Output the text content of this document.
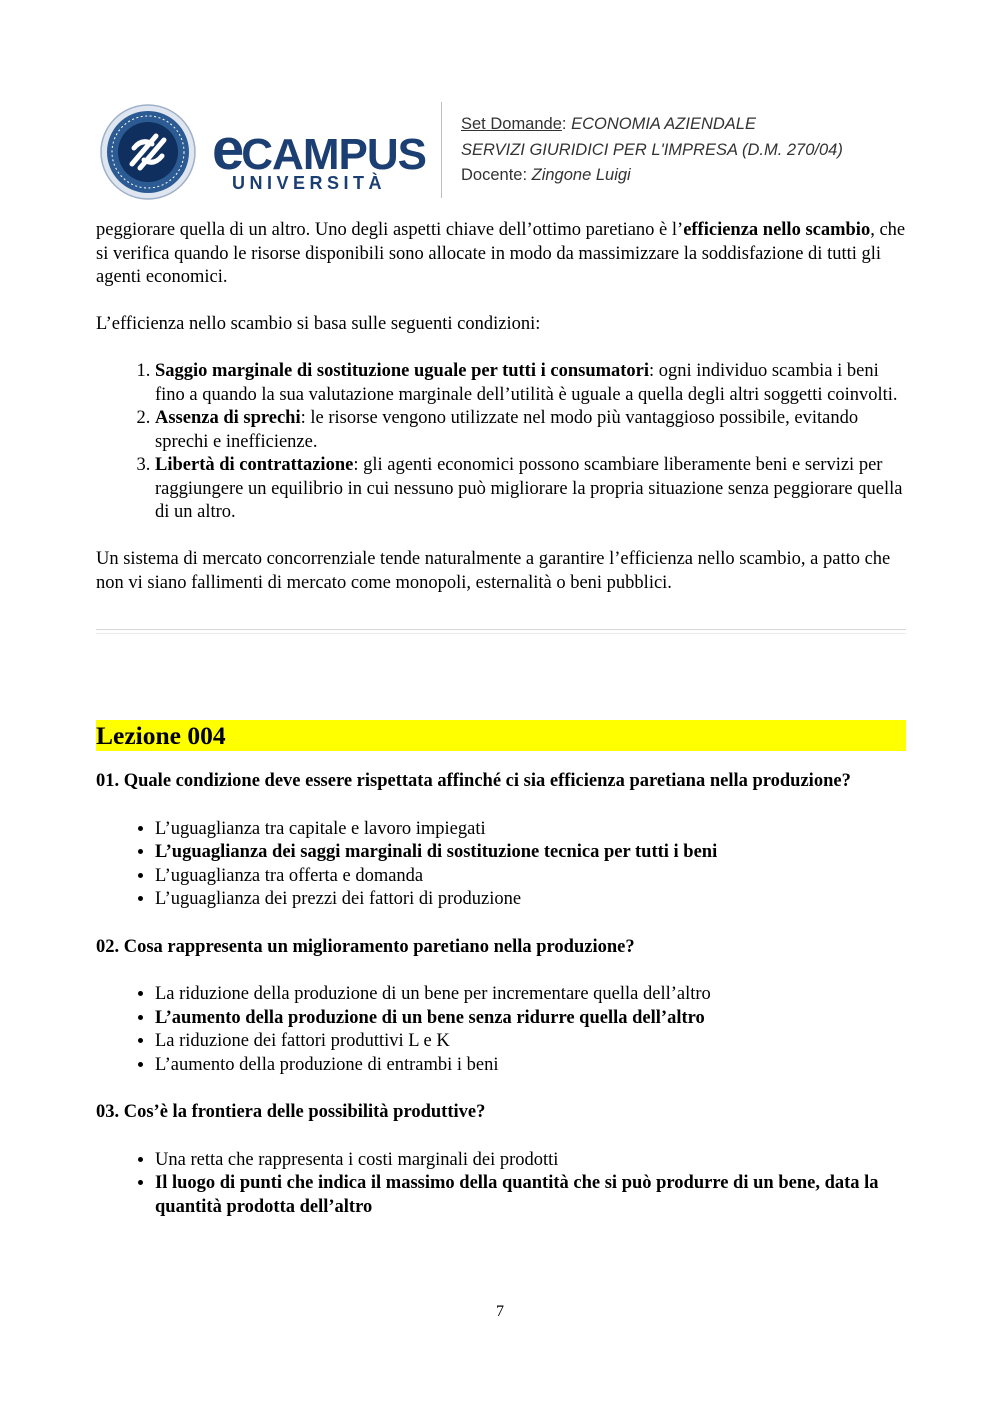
eCAMPUS
UNIVERSITÀ
Set Domande: ECONOMIA AZIENDALE
SERVIZI GIURIDICI PER L'IMPRESA (D.M. 270/04)
Docente: Zingone Luigi

peggiorare quella di un altro. Uno degli aspetti chiave dell’ottimo paretiano è l’efficienza nello scambio, che si verifica quando le risorse disponibili sono allocate in modo da massimizzare la soddisfazione di tutti gli agenti economici.

L’efficienza nello scambio si basa sulle seguenti condizioni:

1. Saggio marginale di sostituzione uguale per tutti i consumatori: ogni individuo scambia i beni fino a quando la sua valutazione marginale dell’utilità è uguale a quella degli altri soggetti coinvolti.
2. Assenza di sprechi: le risorse vengono utilizzate nel modo più vantaggioso possibile, evitando sprechi e inefficienze.
3. Libertà di contrattazione: gli agenti economici possono scambiare liberamente beni e servizi per raggiungere un equilibrio in cui nessuno può migliorare la propria situazione senza peggiorare quella di un altro.

Un sistema di mercato concorrenziale tende naturalmente a garantire l’efficienza nello scambio, a patto che non vi siano fallimenti di mercato come monopoli, esternalità o beni pubblici.

Lezione 004

01. Quale condizione deve essere rispettata affinché ci sia efficienza paretiana nella produzione?

• L’uguaglianza tra capitale e lavoro impiegati
• L’uguaglianza dei saggi marginali di sostituzione tecnica per tutti i beni
• L’uguaglianza tra offerta e domanda
• L’uguaglianza dei prezzi dei fattori di produzione

02. Cosa rappresenta un miglioramento paretiano nella produzione?

• La riduzione della produzione di un bene per incrementare quella dell’altro
• L’aumento della produzione di un bene senza ridurre quella dell’altro
• La riduzione dei fattori produttivi L e K
• L’aumento della produzione di entrambi i beni

03. Cos’è la frontiera delle possibilità produttive?

• Una retta che rappresenta i costi marginali dei prodotti
• Il luogo di punti che indica il massimo della quantità che si può produrre di un bene, data la quantità prodotta dell’altro
7
